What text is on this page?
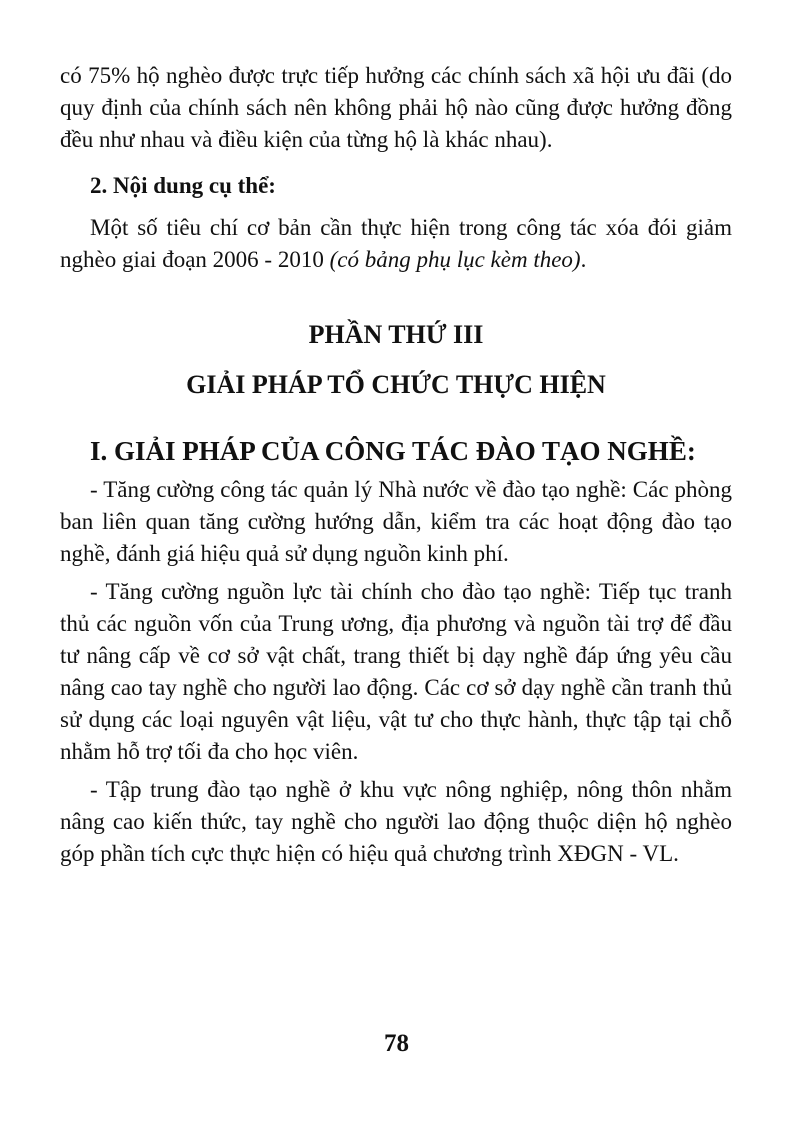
có 75% hộ nghèo được trực tiếp hưởng các chính sách xã hội ưu đãi (do quy định của chính sách nên không phải hộ nào cũng được hưởng đồng đều như nhau và điều kiện của từng hộ là khác nhau).

2. Nội dung cụ thể:

Một số tiêu chí cơ bản cần thực hiện trong công tác xóa đói giảm nghèo giai đoạn 2006 - 2010 (có bảng phụ lục kèm theo).

PHẦN THỨ III

GIẢI PHÁP TỔ CHỨC THỰC HIỆN

I. GIẢI PHÁP CỦA CÔNG TÁC ĐÀO TẠO NGHỀ:

- Tăng cường công tác quản lý Nhà nước về đào tạo nghề: Các phòng ban liên quan tăng cường hướng dẫn, kiểm tra các hoạt động đào tạo nghề, đánh giá hiệu quả sử dụng nguồn kinh phí.

- Tăng cường nguồn lực tài chính cho đào tạo nghề: Tiếp tục tranh thủ các nguồn vốn của Trung ương, địa phương và nguồn tài trợ để đầu tư nâng cấp về cơ sở vật chất, trang thiết bị dạy nghề đáp ứng yêu cầu nâng cao tay nghề cho người lao động. Các cơ sở dạy nghề cần tranh thủ sử dụng các loại nguyên vật liệu, vật tư cho thực hành, thực tập tại chỗ nhằm hỗ trợ tối đa cho học viên.

- Tập trung đào tạo nghề ở khu vực nông nghiệp, nông thôn nhằm nâng cao kiến thức, tay nghề cho người lao động thuộc diện hộ nghèo góp phần tích cực thực hiện có hiệu quả chương trình XĐGN - VL.

78
